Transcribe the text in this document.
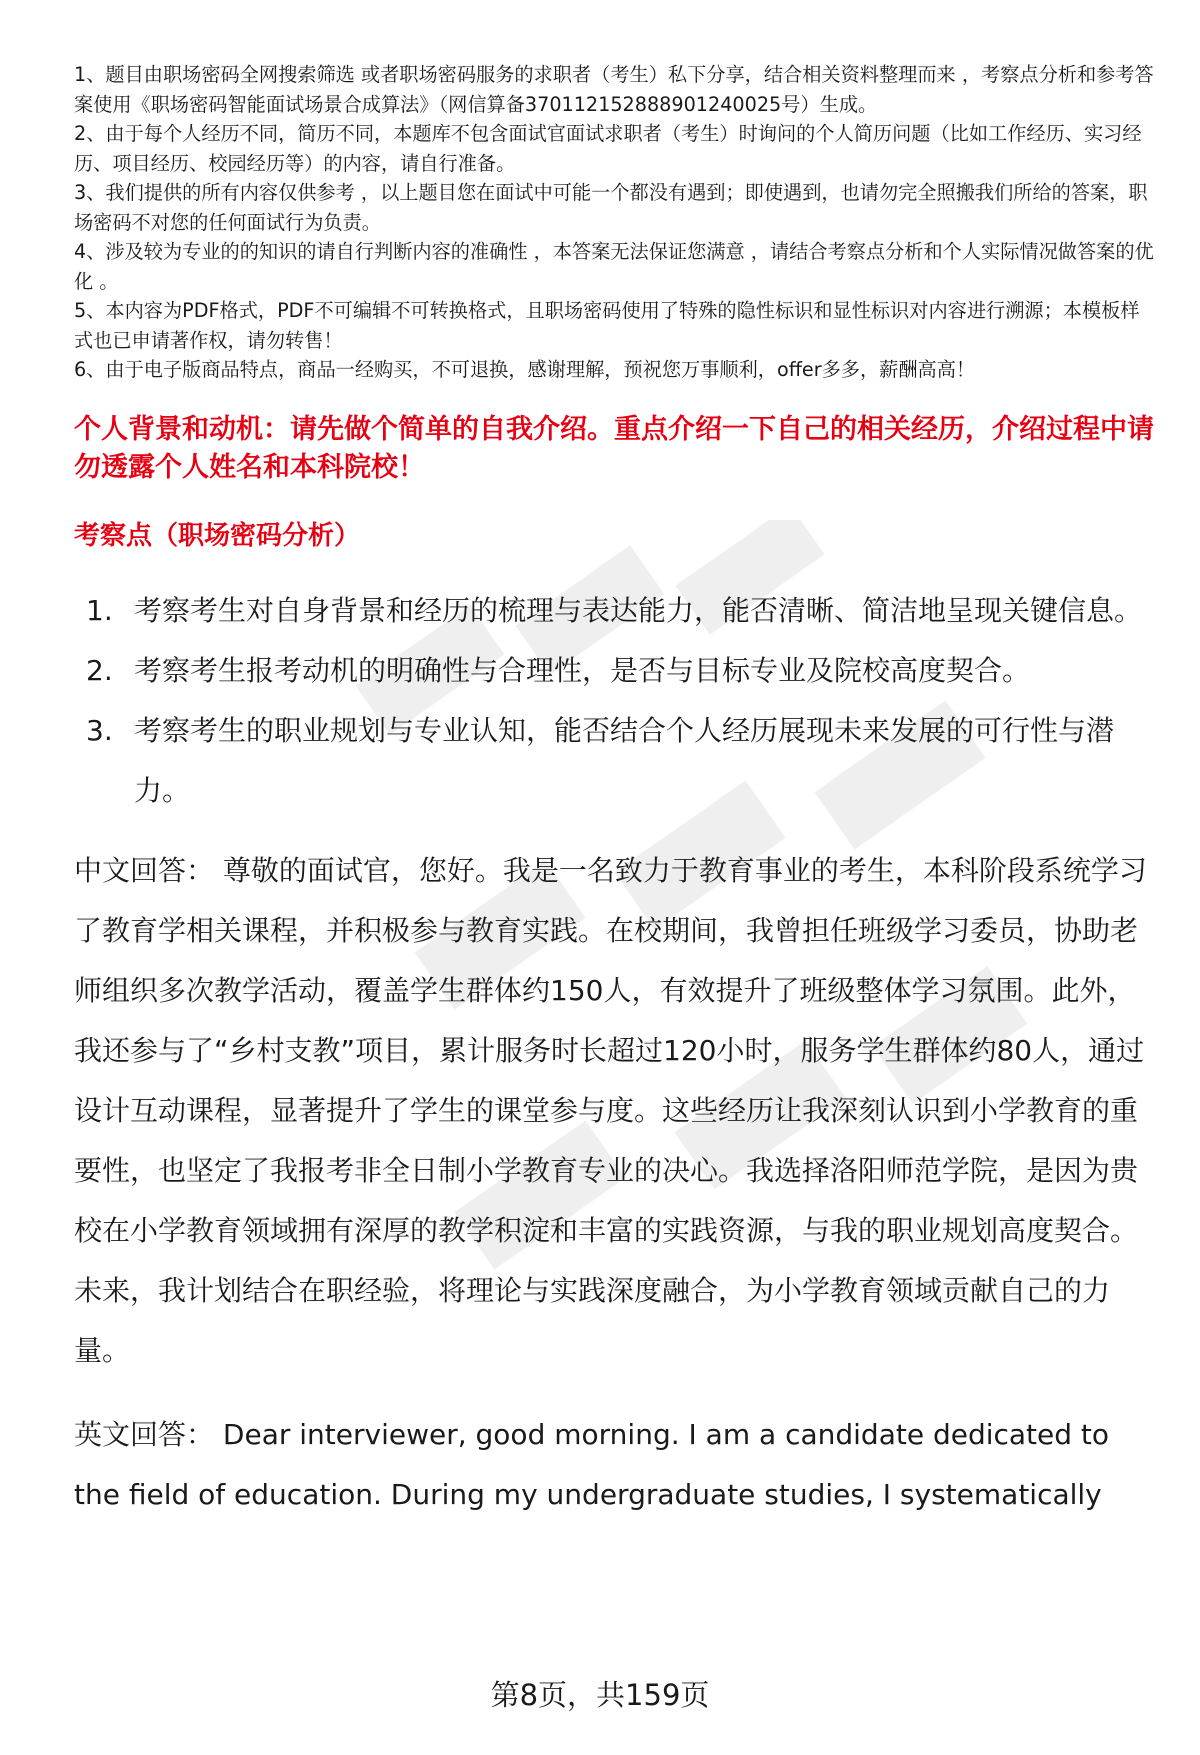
1、题目由职场密码全网搜索筛选 或者职场密码服务的求职者（考生）私下分享，结合相关资料整理而来 ，考察点分析和参考答案使用《职场密码智能面试场景合成算法》（网信算备370112152888901240025号）生成。

2、由于每个人经历不同，简历不同，本题库不包含面试官面试求职者（考生）时询问的个人简历问题（比如工作经历、实习经历、项目经历、校园经历等）的内容，请自行准备。

3、我们提供的所有内容仅供参考 ，以上题目您在面试中可能一个都没有遇到；即使遇到，也请勿完全照搬我们所给的答案，职场密码不对您的任何面试行为负责。

4、涉及较为专业的的知识的请自行判断内容的准确性 ，本答案无法保证您满意 ，请结合考察点分析和个人实际情况做答案的优化 。

5、本内容为PDF格式，PDF不可编辑不可转换格式，且职场密码使用了特殊的隐性标识和显性标识对内容进行溯源；本模板样式也已申请著作权，请勿转售！

6、由于电子版商品特点，商品一经购买，不可退换，感谢理解，预祝您万事顺利，offer多多，薪酬高高！

个人背景和动机：请先做个简单的自我介绍。重点介绍一下自己的相关经历，介绍过程中请勿透露个人姓名和本科院校！
考察点（职场密码分析）
1. 考察考生对自身背景和经历的梳理与表达能力，能否清晰、简洁地呈现关键信息。
2. 考察考生报考动机的明确性与合理性，是否与目标专业及院校高度契合。
3. 考察考生的职业规划与专业认知，能否结合个人经历展现未来发展的可行性与潜力。

中文回答： 尊敬的面试官，您好。我是一名致力于教育事业的考生，本科阶段系统学习了教育学相关课程，并积极参与教育实践。在校期间，我曾担任班级学习委员，协助老师组织多次教学活动，覆盖学生群体约150人，有效提升了班级整体学习氛围。此外，我还参与了“乡村支教”项目，累计服务时长超过120小时，服务学生群体约80人，通过设计互动课程，显著提升了学生的课堂参与度。这些经历让我深刻认识到小学教育的重要性，也坚定了我报考非全日制小学教育专业的决心。我选择洛阳师范学院，是因为贵校在小学教育领域拥有深厚的教学积淀和丰富的实践资源，与我的职业规划高度契合。未来，我计划结合在职经验，将理论与实践深度融合，为小学教育领域贡献自己的力量。

英文回答： Dear interviewer, good morning. I am a candidate dedicated to the field of education. During my undergraduate studies, I systematically

第8页，共159页
